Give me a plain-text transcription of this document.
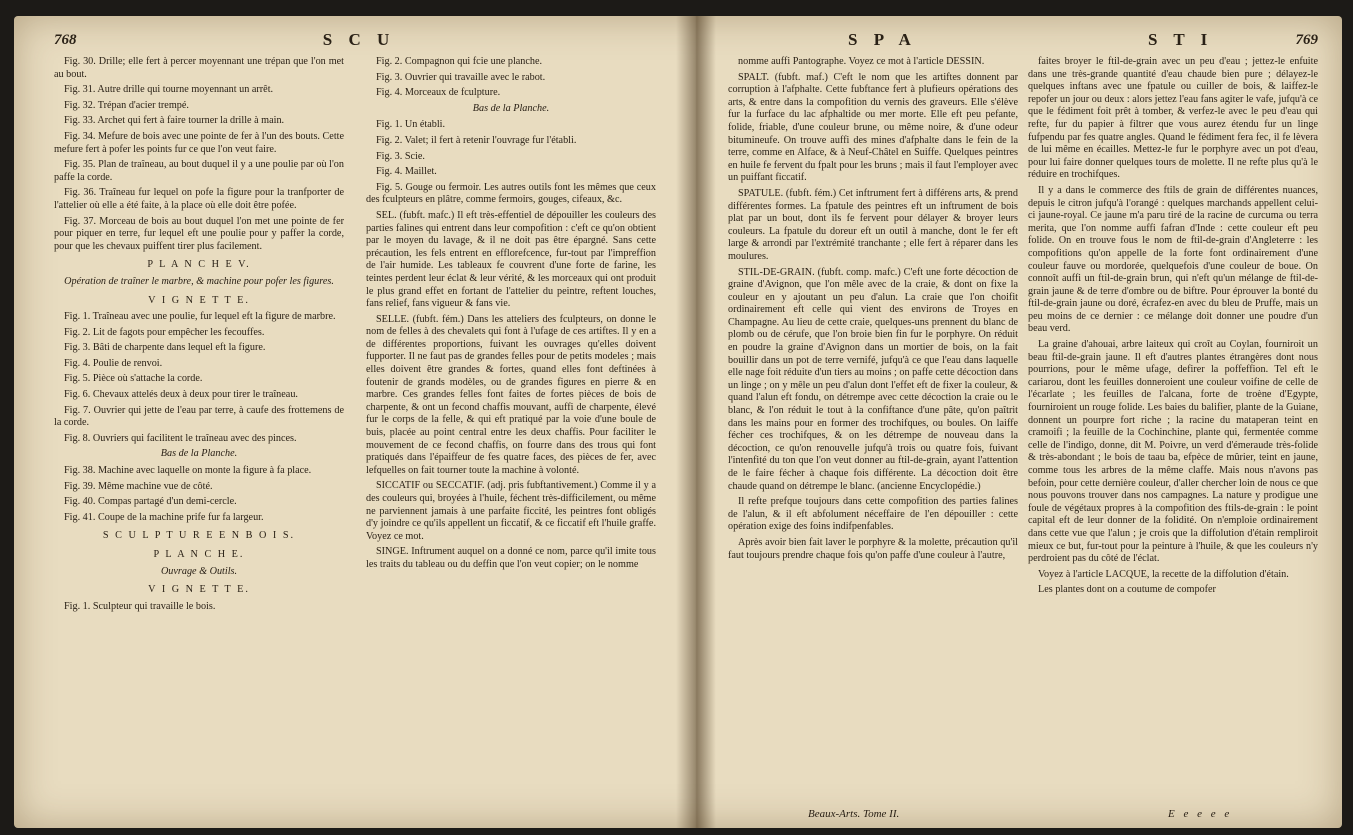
768	S C U

Fig. 30. Drille; elle fert à percer moyennant une trépan que l'on met au bout.

Fig. 31. Autre drille qui tourne moyennant un arrêt.

Fig. 32. Trépan d'acier trempé.

Fig. 33. Archet qui fert à faire tourner la drille à main.

Fig. 34. Mefure de bois avec une pointe de fer à l'un des bouts. Cette mefure fert à pofer les points fur ce que l'on veut faire.

Fig. 35. Plan de traîneau, au bout duquel il y a une poulie par où l'on paffe la corde.

Fig. 36. Traîneau fur lequel on pofe la figure pour la tranfporter de l'attelier où elle a été faite, à la place où elle doit être pofée.

Fig. 37. Morceau de bois au bout duquel l'on met une pointe de fer pour piquer en terre, fur lequel eft une poulie pour y paffer la corde, pour que les chevaux puiffent tirer plus facilement.

P L A N C H E V.

Opération de traîner le marbre, & machine pour pofer les figures.

V I G N E T T E.

Fig. 1. Traîneau avec une poulie, fur lequel eft la figure de marbre.

Fig. 2. Lit de fagots pour empêcher les fecouffes.

Fig. 3. Bâti de charpente dans lequel eft la figure.

Fig. 4. Poulie de renvoi.

Fig. 5. Pièce où s'attache la corde.

Fig. 6. Chevaux attelés deux à deux pour tirer le traîneau.

Fig. 7. Ouvrier qui jette de l'eau par terre, à caufe des frottemens de la corde.

Fig. 8. Ouvriers qui facilitent le traîneau avec des pinces.

Bas de la Planche.

Fig. 38. Machine avec laquelle on monte la figure à fa place.

Fig. 39. Même machine vue de côté.

Fig. 40. Compas partagé d'un demi-cercle.

Fig. 41. Coupe de la machine prife fur fa largeur.

S C U L P T U R E E N B O I S.

P L A N C H E.

Ouvrage & Outils.

V I G N E T T E.

Fig. 1. Sculpteur qui travaille le bois.

Fig. 2. Compagnon qui fcie une planche.

Fig. 3. Ouvrier qui travaille avec le rabot.

Fig. 4. Morceaux de fculpture.

Bas de la Planche.

Fig. 1. Un établi.

Fig. 2. Valet; il fert à retenir l'ouvrage fur l'établi.

Fig. 3. Scie.

Fig. 4. Maillet.

Fig. 5. Gouge ou fermoir. Les autres outils font les mêmes que ceux des fculpteurs en plâtre, comme fermoirs, gouges, cifeaux, &c.

SEL. (fubft. mafc.) Il eft très-effentiel de dépouiller les couleurs des parties falines qui entrent dans leur compofition : c'eft ce qu'on obtient par le moyen du lavage, & il ne doit pas être épargné. Sans cette précaution, les fels entrent en efflorefcence, fur-tout par l'impreffion de l'air humide. Les tableaux fe couvrent d'une forte de farine, les teintes perdent leur éclat & leur vérité, & les morceaux qui ont produit le plus grand effet en fortant de l'attelier du peintre, reftent louches, fans relief, fans vigueur & fans vie.

SELLE. (fubft. fém.) Dans les atteliers des fculpteurs, on donne le nom de felles à des chevalets qui font à l'ufage de ces artiftes. Il y en a de différentes proportions, fuivant les ouvrages qu'elles doivent fupporter. Il ne faut pas de grandes felles pour de petits modeles ; mais elles doivent être grandes & fortes, quand elles font deftinées à foutenir de grands modèles, ou de grandes figures en pierre & en marbre. Ces grandes felles font faites de fortes pièces de bois de charpente, & ont un fecond chaffis mouvant, auffi de charpente, élevé fur le corps de la felle, & qui eft pratiqué par la voie d'une boule de buis, placée au point central entre les deux chaffis. Pour faciliter le mouvement de ce fecond chaffis, on fourre dans des trous qui font pratiqués dans l'épaiffeur de fes quatre faces, des pièces de fer, avec lefquelles on fait tourner toute la machine à volonté.

SICCATIF ou SECCATIF. (adj. pris fubftantivement.) Comme il y a des couleurs qui, broyées à l'huile, féchent très-difficilement, ou même ne parviennent jamais à une parfaite ficcité, les peintres font obligés d'y joindre ce qu'ils appellent un ficcatif, & ce ficcatif eft l'huile graffe. Voyez ce mot.

SINGE. Inftrument auquel on a donné ce nom, parce qu'il imite tous les traits du tableau ou du deffin que l'on veut copier; on le nomme

S P A	S T I	769

nomme auffi Pantographe. Voyez ce mot à l'article DESSIN.

SPALT. (fubft. maf.) C'eft le nom que les artiftes donnent par corruption à l'afphalte. Cette fubftance fert à plufieurs opérations des arts, & entre dans la compofition du vernis des graveurs. Elle s'élève fur la furface du lac afphaltide ou mer morte. Elle eft peu pefante, folide, friable, d'une couleur brune, ou même noire, & d'une odeur bitumineufe. On trouve auffi des mines d'afphalte dans le fein de la terre, comme en Alface, & à Neuf-Châtel en Suiffe. Quelques peintres en huile fe fervent du fpalt pour les bruns ; mais il faut l'employer avec un puiffant ficcatif.

SPATULE. (fubft. fém.) Cet inftrument fert à différens arts, & prend différentes formes. La fpatule des peintres eft un inftrument de bois plat par un bout, dont ils fe fervent pour délayer & broyer leurs couleurs. La fpatule du doreur eft un outil à manche, dont le fer eft large & arrondi par l'extrémité tranchante ; elle fert à réparer dans les moulures.

STIL-DE-GRAIN. (fubft. comp. mafc.) C'eft une forte décoction de graine d'Avignon, que l'on mêle avec de la craie, & dont on fixe la couleur en y ajoutant un peu d'alun. La craie que l'on choifit ordinairement eft celle qui vient des environs de Troyes en Champagne. Au lieu de cette craie, quelques-uns prennent du blanc de plomb ou de cérufe, que l'on broie bien fin fur le porphyre. On réduit en poudre la graine d'Avignon dans un mortier de bois, on la fait bouillir dans un pot de terre vernifé, jufqu'à ce que l'eau dans laquelle elle nage foit réduite d'un tiers au moins ; on paffe cette décoction dans un linge ; on y mêle un peu d'alun dont l'effet eft de fixer la couleur, & quand l'alun eft fondu, on détrempe avec cette décoction la craie ou le blanc, & l'on réduit le tout à la confiftance d'une pâte, qu'on paîtrit dans les mains pour en former des trochifques, ou boules. On laiffe fécher ces trochifques, & on les détrempe de nouveau dans la décoction, ce qu'on renouvelle jufqu'à trois ou quatre fois, fuivant l'intenfité du ton que l'on veut donner au ftil-de-grain, ayant l'attention de le faire fécher à chaque fois différente. La décoction doit être chaude quand on détrempe le blanc. (ancienne Encyclopédie.)

Il refte prefque toujours dans cette compofition des parties falines de l'alun, & il eft abfolument néceffaire de l'en dépouiller : cette opération exige des foins indifpenfables.

Après avoir bien fait laver le porphyre & la molette, précaution qu'il faut toujours prendre chaque fois qu'on paffe d'une couleur à l'autre,

faites broyer le ftil-de-grain avec un peu d'eau ; jettez-le enfuite dans une très-grande quantité d'eau chaude bien pure ; délayez-le quelques inftans avec une fpatule ou cuiller de bois, & laiffez-le repofer un jour ou deux : alors jettez l'eau fans agiter le vafe, jufqu'à ce que le fédiment foit prêt à tomber, & verfez-le avec le peu d'eau qui refte, fur du papier à filtrer que vous aurez étendu fur un linge fufpendu par fes quatre angles. Quand le fédiment fera fec, il fe lèvera de lui même en écailles. Mettez-le fur le porphyre avec un pot d'eau, pour lui faire donner quelques tours de molette. Il ne refte plus qu'à le réduire en trochifques.

Il y a dans le commerce des ftils de grain de différentes nuances, depuis le citron jufqu'à l'orangé : quelques marchands appellent celui-ci jaune-royal. Ce jaune m'a paru tiré de la racine de curcuma ou terra merita, que l'on nomme auffi fafran d'Inde : cette couleur eft peu folide. On en trouve fous le nom de ftil-de-grain d'Angleterre : les compofitions qu'on appelle de la forte font ordinairement d'une couleur fauve ou mordorée, quelquefois d'une couleur de boue. On connoît auffi un ftil-de-grain brun, qui n'eft qu'un mélange de ftil-de-grain jaune & de terre d'ombre ou de biftre. Pour éprouver la bonté du ftil-de-grain jaune ou doré, écrafez-en avec du bleu de Pruffe, mais un peu moins de ce dernier : ce mélange doit donner une poudre d'un beau verd.

La graine d'ahouai, arbre laiteux qui croît au Coylan, fourniroit un beau ftil-de-grain jaune. Il eft d'autres plantes étrangères dont nous pourrions, pour le même ufage, defirer la poffeffion. Tel eft le cariarou, dont les feuilles donneroient une couleur voifine de celle de l'écarlate ; les feuilles de l'alcana, forte de troène d'Egypte, fourniroient un rouge folide. Les baies du balifier, plante de la Guiane, donnent un pourpre fort riche ; la racine du mataperan teint en cramoifi ; la feuille de la Cochinchine, plante qui, fermentée comme celle de l'indigo, donne, dit M. Poivre, un verd d'émeraude très-folide & très-abondant ; le bois de taau ba, efpèce de mûrier, teint en jaune, comme tous les arbres de la même claffe. Mais nous n'avons pas befoin, pour cette dernière couleur, d'aller chercher loin de nous ce que nous pouvons trouver dans nos campagnes. La nature y prodigue une foule de végétaux propres à la compofition des ftils-de-grain : le point capital eft de leur donner de la folidité. On n'emploie ordinairement dans cette vue que l'alun ; je crois que la diffolution d'étain rempliroit mieux ce but, fur-tout pour la peinture à l'huile, & que les couleurs n'y perdroient pas du côté de l'éclat.

Voyez à l'article LACQUE, la recette de la diffolution d'étain.

Les plantes dont on a coutume de compofer

Beaux-Arts. Tome II.	E e e e e
